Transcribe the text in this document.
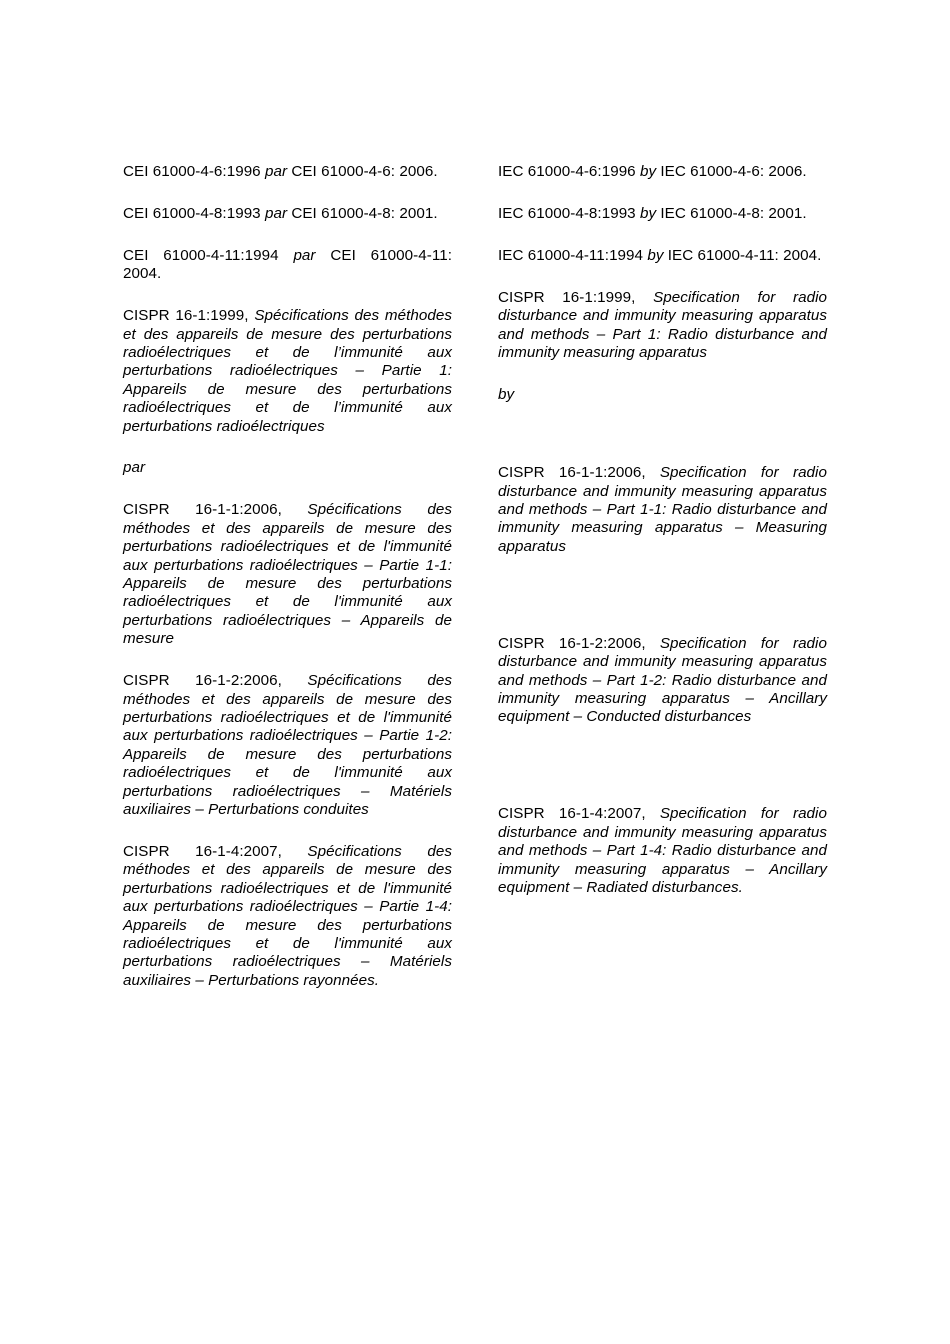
CEI 61000-4-6:1996 par CEI 61000-4-6: 2006.

CEI 61000-4-8:1993 par CEI 61000-4-8: 2001.

CEI 61000-4-11:1994 par CEI 61000-4-11: 2004.

CISPR 16-1:1999, Spécifications des méthodes et des appareils de mesure des perturbations radioélectriques et de l’immunité aux perturbations radioélectriques – Partie 1: Appareils de mesure des perturbations radioélectriques et de l’immunité aux perturbations radioélectriques

par

CISPR 16-1-1:2006, Spécifications des méthodes et des appareils de mesure des perturbations radioélectriques et de l'immunité aux perturbations radioélectriques – Partie 1-1: Appareils de mesure des perturbations radioélectriques et de l'immunité aux perturbations radioélectriques – Appareils de mesure

CISPR 16-1-2:2006, Spécifications des méthodes et des appareils de mesure des perturbations radioélectriques et de l'immunité aux perturbations radioélectriques – Partie 1-2: Appareils de mesure des perturbations radioélectriques et de l'immunité aux perturbations radioélectriques – Matériels auxiliaires – Perturbations conduites

CISPR 16-1-4:2007, Spécifications des méthodes et des appareils de mesure des perturbations radioélectriques et de l'immunité aux perturbations radioélectriques – Partie 1-4: Appareils de mesure des perturbations radioélectriques et de l'immunité aux perturbations radioélectriques – Matériels auxiliaires – Perturbations rayonnées.

IEC 61000-4-6:1996 by IEC 61000-4-6: 2006.

IEC 61000-4-8:1993 by IEC 61000-4-8: 2001.

IEC 61000-4-11:1994 by IEC 61000-4-11: 2004.

CISPR 16-1:1999, Specification for radio disturbance and immunity measuring apparatus and methods – Part 1: Radio disturbance and immunity measuring apparatus

by

CISPR 16-1-1:2006, Specification for radio disturbance and immunity measuring apparatus and methods – Part 1-1: Radio disturbance and immunity measuring apparatus – Measuring apparatus

CISPR 16-1-2:2006, Specification for radio disturbance and immunity measuring apparatus and methods – Part 1-2: Radio disturbance and immunity measuring apparatus – Ancillary equipment – Conducted disturbances

CISPR 16-1-4:2007, Specification for radio disturbance and immunity measuring apparatus and methods – Part 1-4: Radio disturbance and immunity measuring apparatus – Ancillary equipment – Radiated disturbances.
